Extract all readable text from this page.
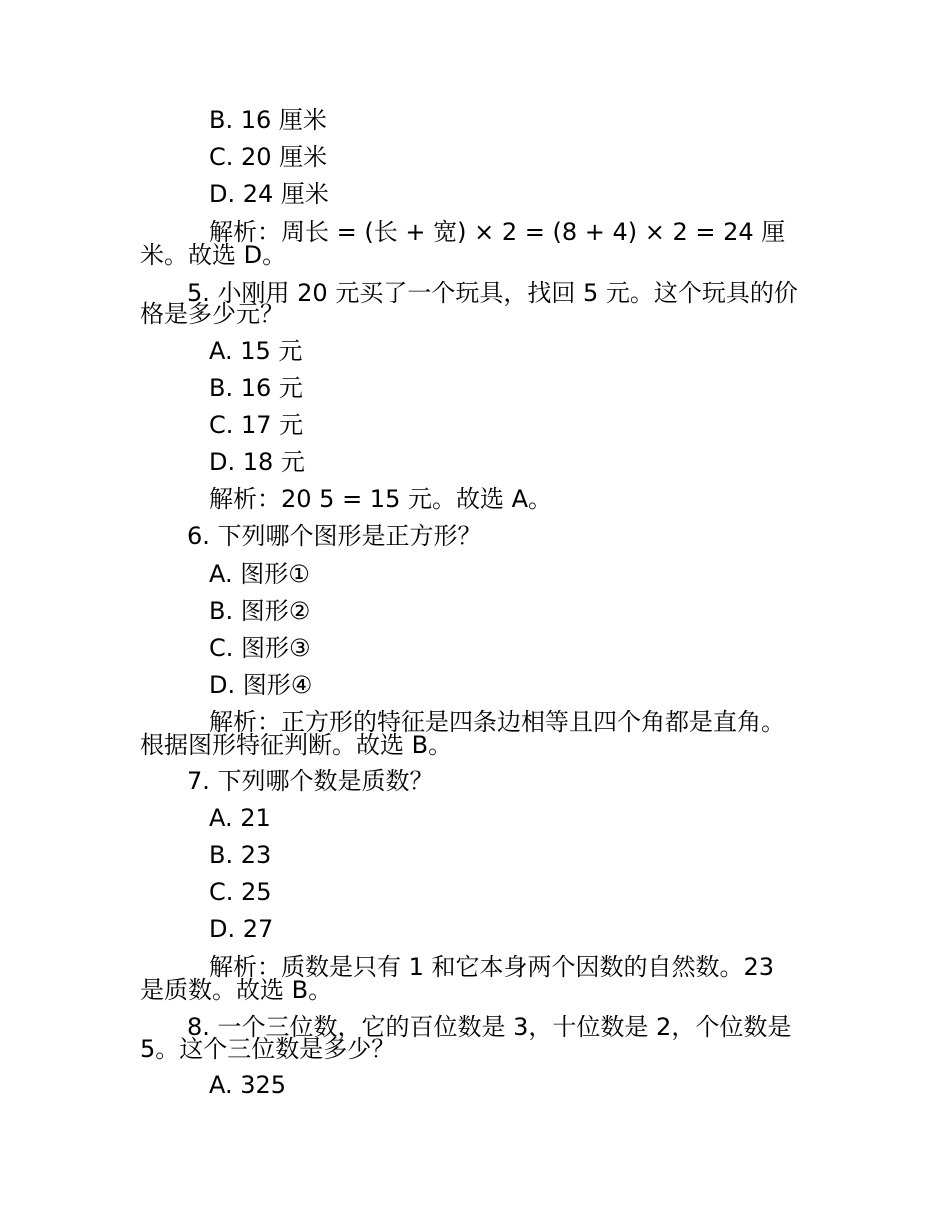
B. 16 厘米
C. 20 厘米
D. 24 厘米
解析：周长 = (长 + 宽) × 2 = (8 + 4) × 2 = 24 厘
米。故选 D。
5. 小刚用 20 元买了一个玩具，找回 5 元。这个玩具的价
格是多少元？
A. 15 元
B. 16 元
C. 17 元
D. 18 元
解析：20 5 = 15 元。故选 A。
6. 下列哪个图形是正方形？
A. 图形①
B. 图形②
C. 图形③
D. 图形④
解析：正方形的特征是四条边相等且四个角都是直角。
根据图形特征判断。故选 B。
7. 下列哪个数是质数？
A. 21
B. 23
C. 25
D. 27
解析：质数是只有 1 和它本身两个因数的自然数。23
是质数。故选 B。
8. 一个三位数，它的百位数是 3，十位数是 2，个位数是
5。这个三位数是多少？
A. 325
